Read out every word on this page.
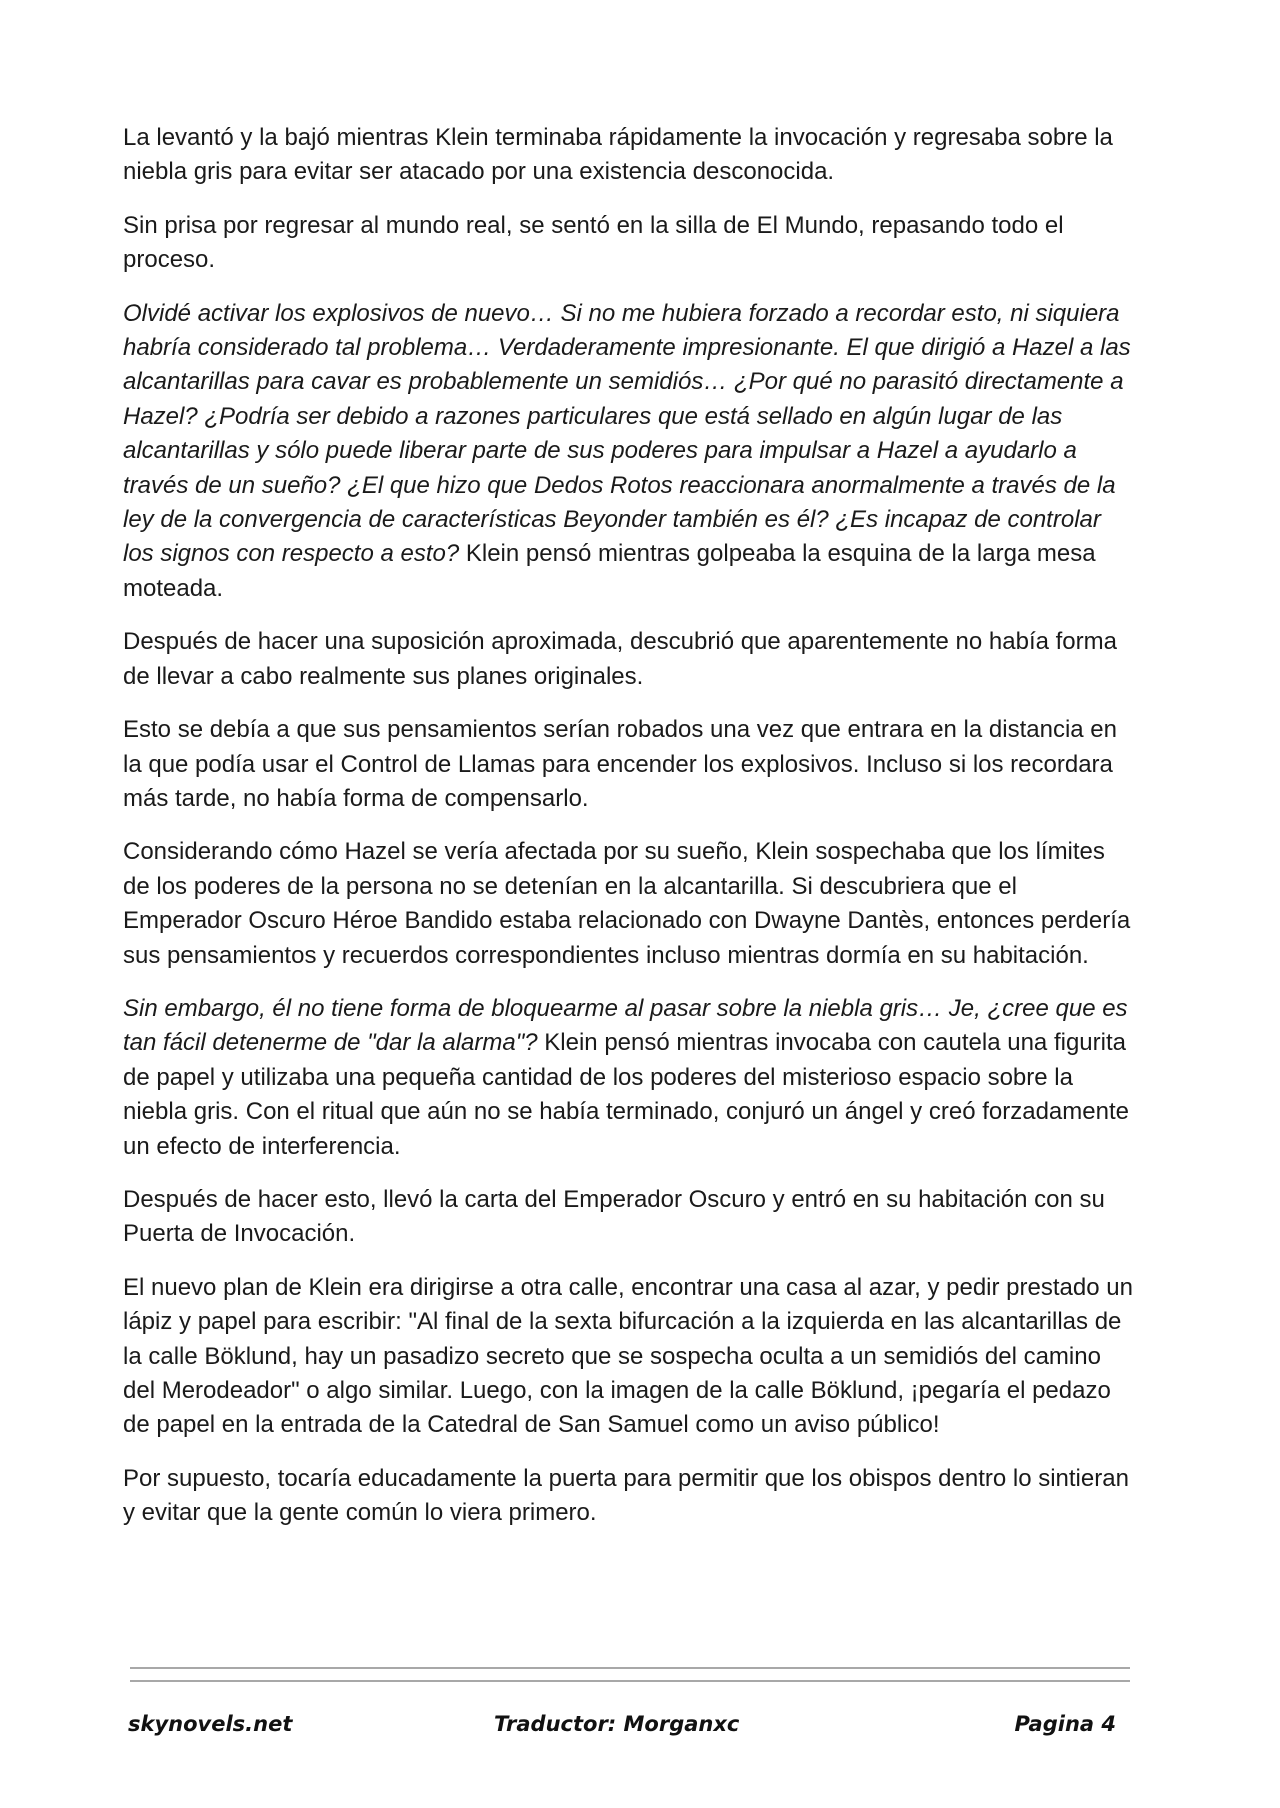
La levantó y la bajó mientras Klein terminaba rápidamente la invocación y regresaba sobre la niebla gris para evitar ser atacado por una existencia desconocida.

Sin prisa por regresar al mundo real, se sentó en la silla de El Mundo, repasando todo el proceso.

Olvidé activar los explosivos de nuevo… Si no me hubiera forzado a recordar esto, ni siquiera habría considerado tal problema… Verdaderamente impresionante. El que dirigió a Hazel a las alcantarillas para cavar es probablemente un semidiós… ¿Por qué no parasitó directamente a Hazel? ¿Podría ser debido a razones particulares que está sellado en algún lugar de las alcantarillas y sólo puede liberar parte de sus poderes para impulsar a Hazel a ayudarlo a través de un sueño? ¿El que hizo que Dedos Rotos reaccionara anormalmente a través de la ley de la convergencia de características Beyonder también es él? ¿Es incapaz de controlar los signos con respecto a esto? Klein pensó mientras golpeaba la esquina de la larga mesa moteada.

Después de hacer una suposición aproximada, descubrió que aparentemente no había forma de llevar a cabo realmente sus planes originales.

Esto se debía a que sus pensamientos serían robados una vez que entrara en la distancia en la que podía usar el Control de Llamas para encender los explosivos. Incluso si los recordara más tarde, no había forma de compensarlo.

Considerando cómo Hazel se vería afectada por su sueño, Klein sospechaba que los límites de los poderes de la persona no se detenían en la alcantarilla. Si descubriera que el Emperador Oscuro Héroe Bandido estaba relacionado con Dwayne Dantès, entonces perdería sus pensamientos y recuerdos correspondientes incluso mientras dormía en su habitación.

Sin embargo, él no tiene forma de bloquearme al pasar sobre la niebla gris… Je, ¿cree que es tan fácil detenerme de "dar la alarma"? Klein pensó mientras invocaba con cautela una figurita de papel y utilizaba una pequeña cantidad de los poderes del misterioso espacio sobre la niebla gris. Con el ritual que aún no se había terminado, conjuró un ángel y creó forzadamente un efecto de interferencia.

Después de hacer esto, llevó la carta del Emperador Oscuro y entró en su habitación con su Puerta de Invocación.

El nuevo plan de Klein era dirigirse a otra calle, encontrar una casa al azar, y pedir prestado un lápiz y papel para escribir: "Al final de la sexta bifurcación a la izquierda en las alcantarillas de la calle Böklund, hay un pasadizo secreto que se sospecha oculta a un semidiós del camino del Merodeador" o algo similar. Luego, con la imagen de la calle Böklund, ¡pegaría el pedazo de papel en la entrada de la Catedral de San Samuel como un aviso público!

Por supuesto, tocaría educadamente la puerta para permitir que los obispos dentro lo sintieran y evitar que la gente común lo viera primero.

skynovels.net	Traductor: Morganxc	Pagina 4
